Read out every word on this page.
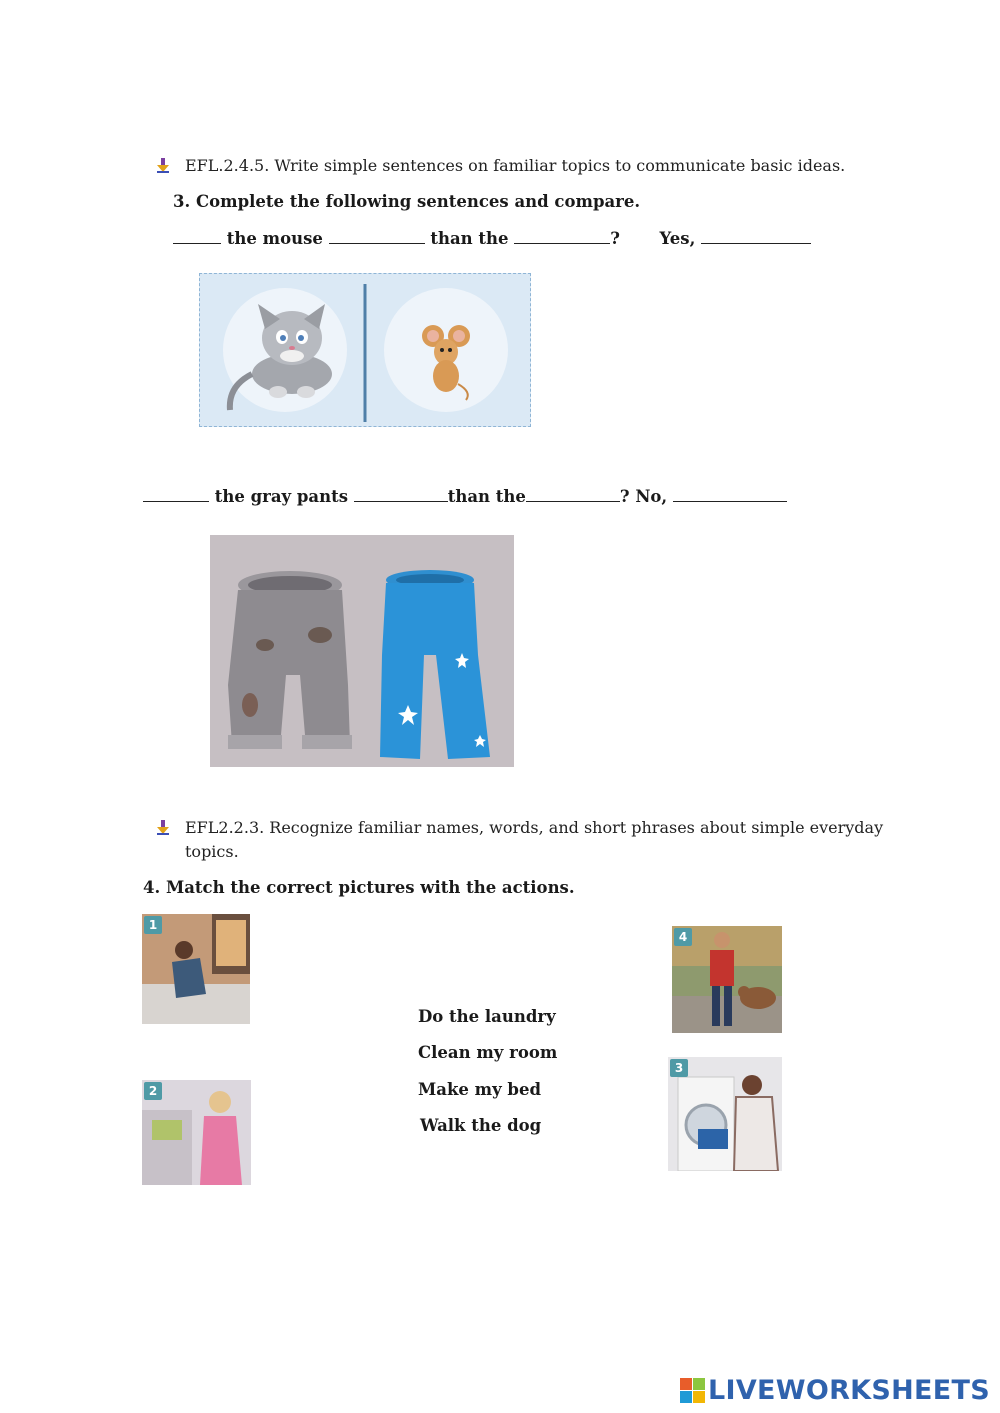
EFL.2.4.5. Write simple sentences on familiar topics to communicate basic ideas.
3. Complete the following sentences and compare.
the mouse	than the	? Yes,
the gray pants	than the	? No,
EFL2.2.3. Recognize familiar names, words, and short phrases about simple everyday
topics.
4. Match the correct pictures with the actions.
1
2
3
4
Do the laundry
Clean my room
Make my bed
Walk the dog
LIVEWORKSHEETS
